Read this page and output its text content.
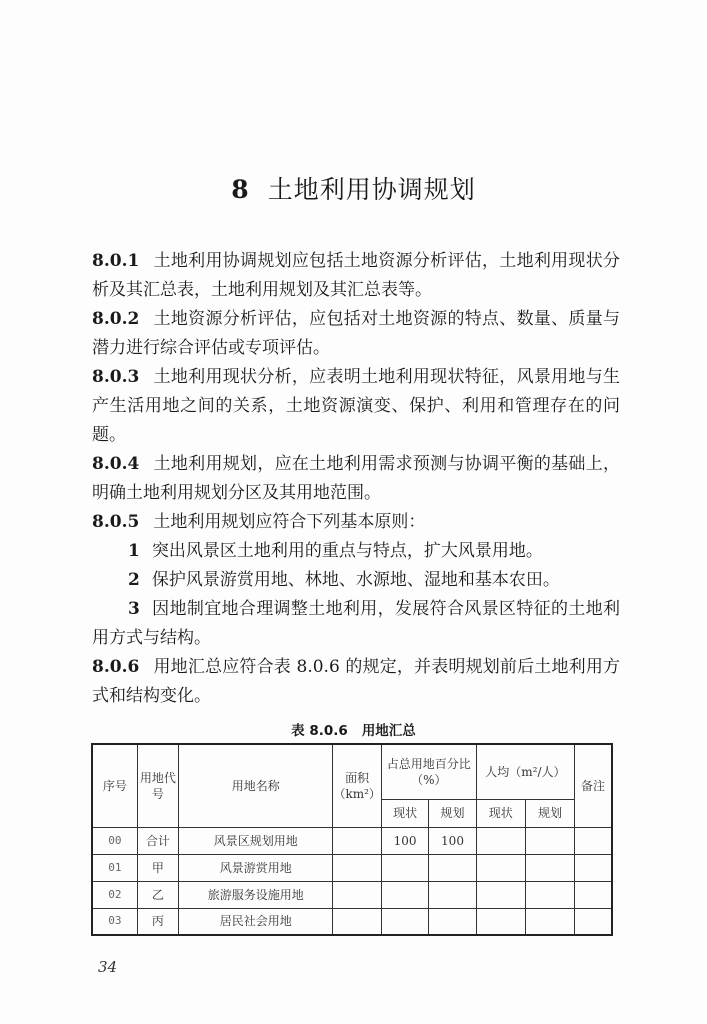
8 土地利用协调规划

8.0.1 土地利用协调规划应包括土地资源分析评估，土地利用现状分析及其汇总表，土地利用规划及其汇总表等。

8.0.2 土地资源分析评估，应包括对土地资源的特点、数量、质量与潜力进行综合评估或专项评估。

8.0.3 土地利用现状分析，应表明土地利用现状特征，风景用地与生产生活用地之间的关系，土地资源演变、保护、利用和管理存在的问题。

8.0.4 土地利用规划，应在土地利用需求预测与协调平衡的基础上，明确土地利用规划分区及其用地范围。

8.0.5 土地利用规划应符合下列基本原则：

1 突出风景区土地利用的重点与特点，扩大风景用地。

2 保护风景游赏用地、林地、水源地、湿地和基本农田。

3 因地制宜地合理调整土地利用，发展符合风景区特征的土地利用方式与结构。

8.0.6 用地汇总应符合表 8.0.6 的规定，并表明规划前后土地利用方式和结构变化。

表 8.0.6 用地汇总
序号	用地代号	用地名称	面积（km²）	占总用地百分比（%）		人均（m²/人）		备注
				现状	规划	现状	规划	
00	合计	风景区规划用地		100	100			
01	甲	风景游赏用地						
02	乙	旅游服务设施用地						
03	丙	居民社会用地						
34
